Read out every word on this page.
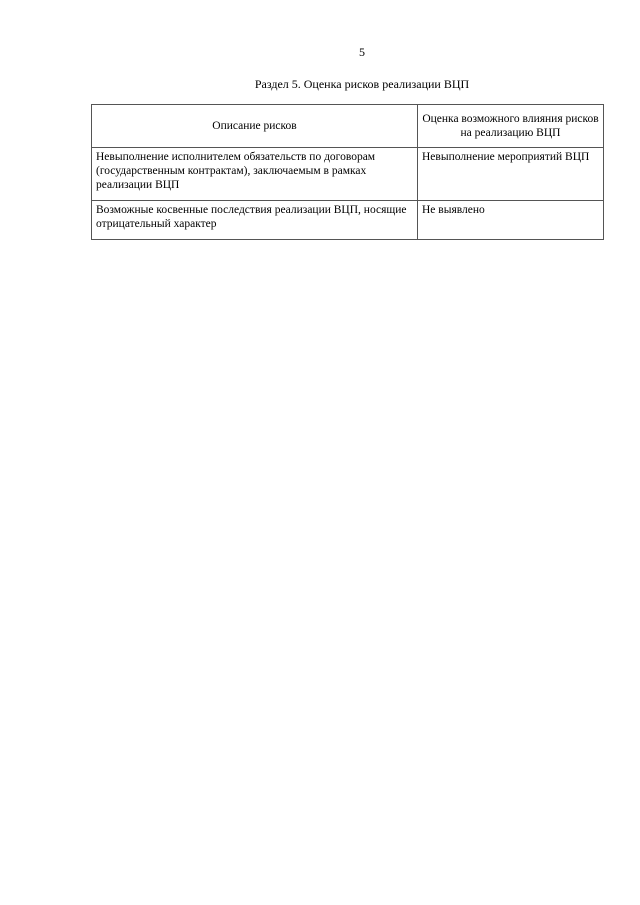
5
Раздел 5. Оценка рисков реализации ВЦП
Описание рисков	Оценка возможного влияния рисков на реализацию ВЦП
Невыполнение исполнителем обязательств по договорам (государственным контрактам), заключаемым в рамках реализации ВЦП	Невыполнение мероприятий ВЦП
Возможные косвенные последствия реализации ВЦП, носящие отрицательный характер	Не выявлено
